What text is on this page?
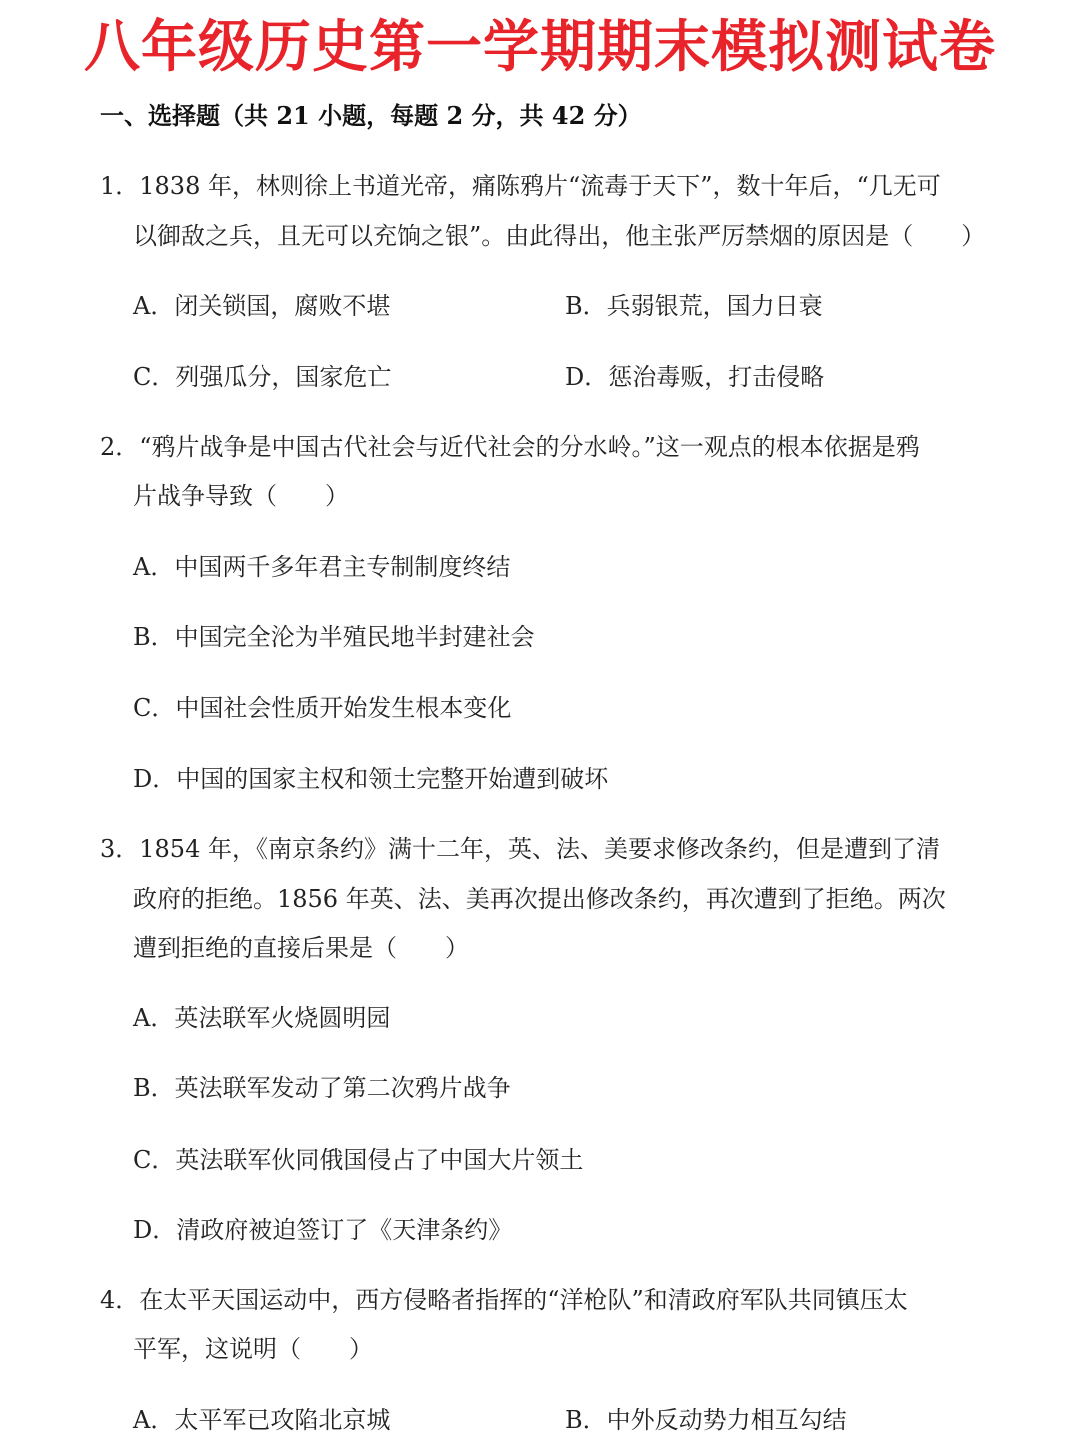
八年级历史第一学期期末模拟测试卷
一、选择题（共 21 小题，每题 2 分，共 42 分）
1．1838 年，林则徐上书道光帝，痛陈鸦片“流毒于天下”，数十年后，“几无可
以御敌之兵，且无可以充饷之银”。由此得出，他主张严厉禁烟的原因是（　　）
A．闭关锁国，腐败不堪	B．兵弱银荒，国力日衰
C．列强瓜分，国家危亡	D．惩治毒贩，打击侵略
2．“鸦片战争是中国古代社会与近代社会的分水岭。”这一观点的根本依据是鸦
片战争导致（　　）
A．中国两千多年君主专制制度终结
B．中国完全沦为半殖民地半封建社会
C．中国社会性质开始发生根本变化
D．中国的国家主权和领土完整开始遭到破坏
3．1854 年，《南京条约》满十二年，英、法、美要求修改条约，但是遭到了清
政府的拒绝。1856 年英、法、美再次提出修改条约，再次遭到了拒绝。两次
遭到拒绝的直接后果是（　　）
A．英法联军火烧圆明园
B．英法联军发动了第二次鸦片战争
C．英法联军伙同俄国侵占了中国大片领土
D．清政府被迫签订了《天津条约》
4．在太平天国运动中，西方侵略者指挥的“洋枪队”和清政府军队共同镇压太
平军，这说明（　　）
A．太平军已攻陷北京城	B．中外反动势力相互勾结
